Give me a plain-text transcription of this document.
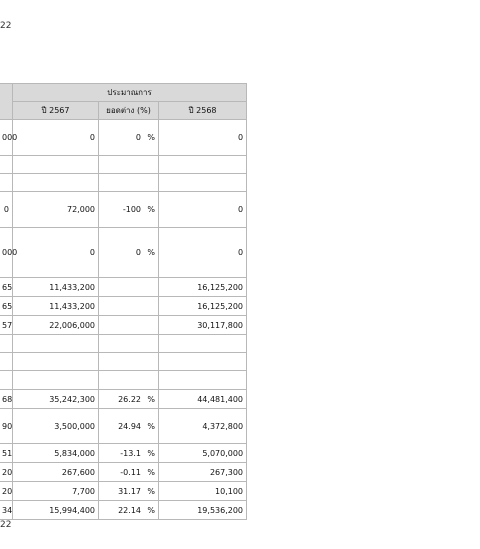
22
	ประมาณการ		
	ปี 2567	ยอดต่าง (%)	ปี 2568
000	0	0 %	0

0	72,000	-100 %	0
000	0	0 %	0
65	11,433,200		16,125,200
65	11,433,200		16,125,200
57	22,006,000		30,117,800

68	35,242,300	26.22 %	44,481,400
90	3,500,000	24.94 %	4,372,800
51	5,834,000	-13.1 %	5,070,000
20	267,600	-0.11 %	267,300
20	7,700	31.17 %	10,100
34	15,994,400	22.14 %	19,536,200
22
